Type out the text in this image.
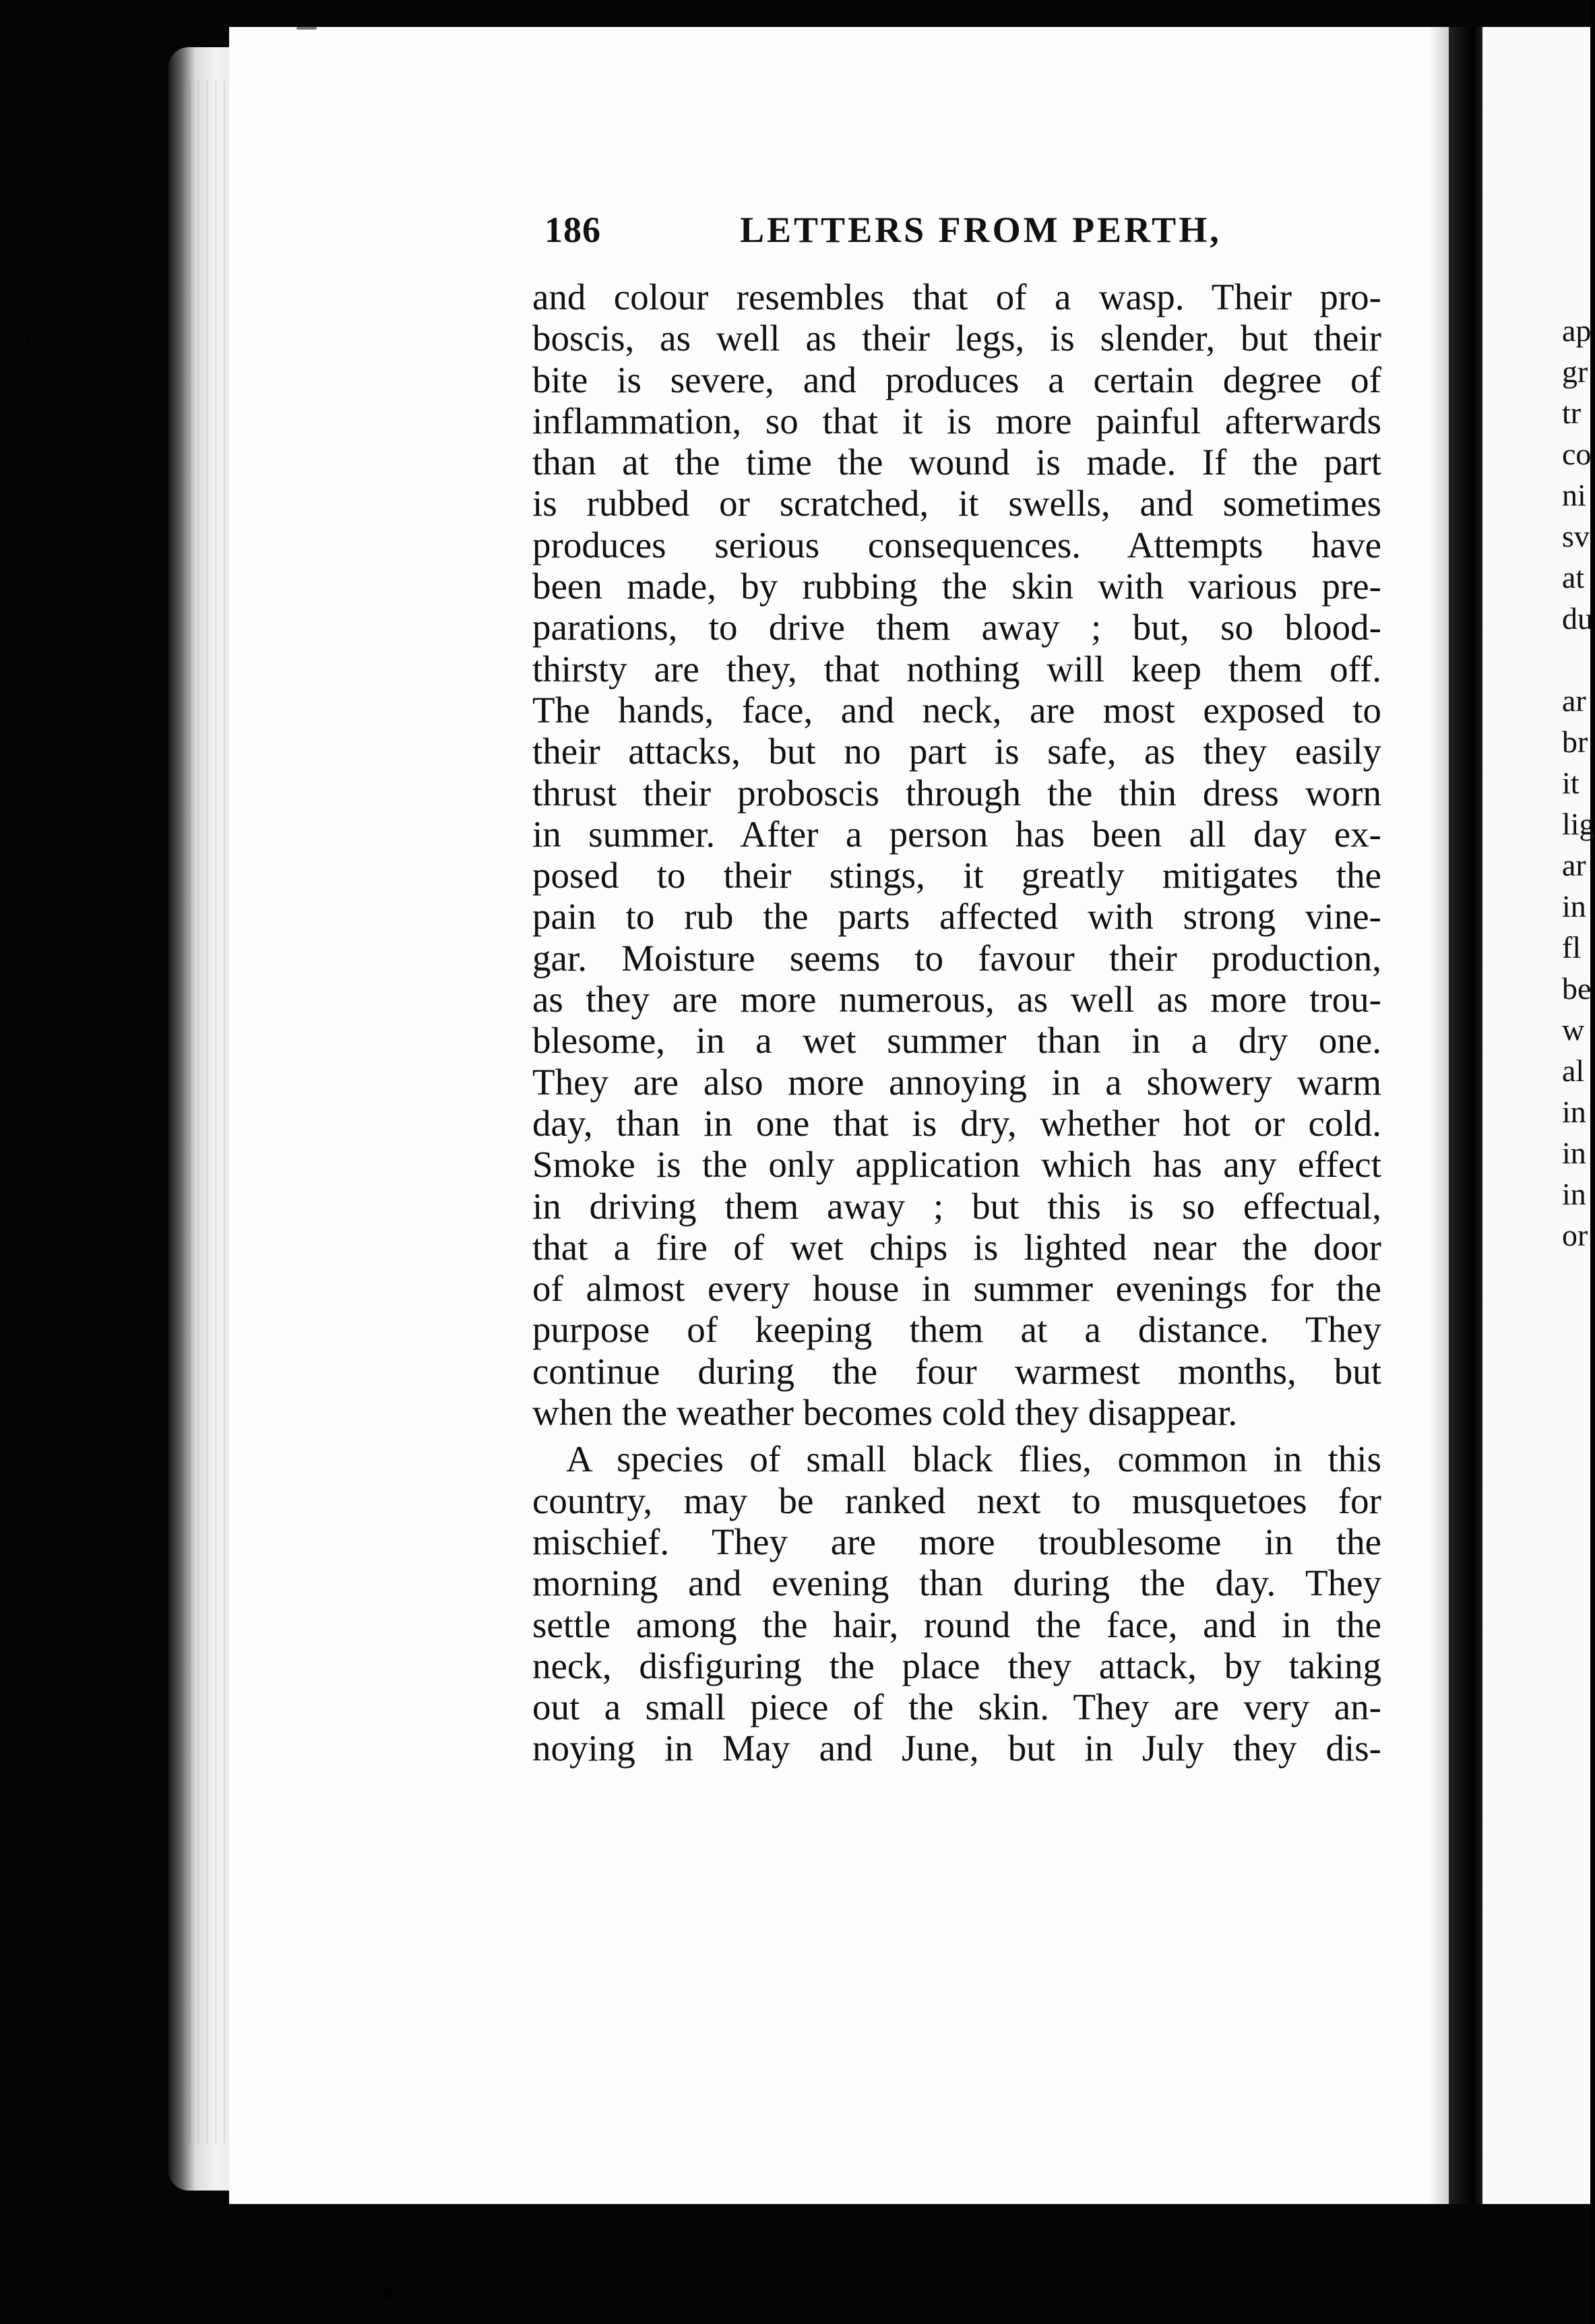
ap
gr
tr
co
ni
sv
at
du
ar
br
it
lig
ar
in
fl
be
w
al
in
in
in
or
186	LETTERS FROM PERTH,
and colour resembles that of a wasp. Their pro-
boscis, as well as their legs, is slender, but their
bite is severe, and produces a certain degree of
inflammation, so that it is more painful afterwards
than at the time the wound is made. If the part
is rubbed or scratched, it swells, and sometimes
produces serious consequences. Attempts have
been made, by rubbing the skin with various pre-
parations, to drive them away ; but, so blood-
thirsty are they, that nothing will keep them off.
The hands, face, and neck, are most exposed to
their attacks, but no part is safe, as they easily
thrust their proboscis through the thin dress worn
in summer. After a person has been all day ex-
posed to their stings, it greatly mitigates the
pain to rub the parts affected with strong vine-
gar. Moisture seems to favour their production,
as they are more numerous, as well as more trou-
blesome, in a wet summer than in a dry one.
They are also more annoying in a showery warm
day, than in one that is dry, whether hot or cold.
Smoke is the only application which has any effect
in driving them away ; but this is so effectual,
that a fire of wet chips is lighted near the door
of almost every house in summer evenings for the
purpose of keeping them at a distance. They
continue during the four warmest months, but
when the weather becomes cold they disappear.
A species of small black flies, common in this
country, may be ranked next to musquetoes for
mischief. They are more troublesome in the
morning and evening than during the day. They
settle among the hair, round the face, and in the
neck, disfiguring the place they attack, by taking
out a small piece of the skin. They are very an-
noying in May and June, but in July they dis-
